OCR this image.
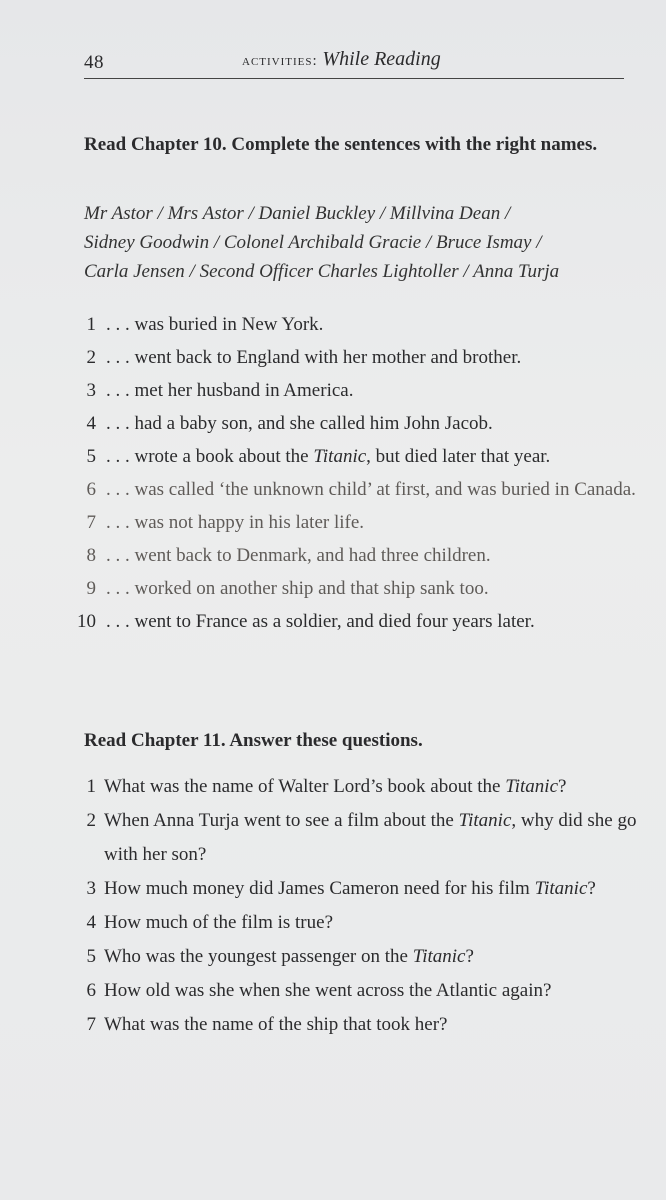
48	activities: While Reading
Read Chapter 10. Complete the sentences with the right names.
Mr Astor / Mrs Astor / Daniel Buckley / Millvina Dean /
Sidney Goodwin / Colonel Archibald Gracie / Bruce Ismay /
Carla Jensen / Second Officer Charles Lightoller / Anna Turja
1 . . . was buried in New York.
2 . . . went back to England with her mother and brother.
3 . . . met her husband in America.
4 . . . had a baby son, and she called him John Jacob.
5 . . . wrote a book about the Titanic, but died later that year.
6 . . . was called ‘the unknown child’ at first, and was buried in Canada.
7 . . . was not happy in his later life.
8 . . . went back to Denmark, and had three children.
9 . . . worked on another ship and that ship sank too.
10 . . . went to France as a soldier, and died four years later.
Read Chapter 11. Answer these questions.
1 What was the name of Walter Lord’s book about the Titanic?
2 When Anna Turja went to see a film about the Titanic, why did she go with her son?
3 How much money did James Cameron need for his film Titanic?
4 How much of the film is true?
5 Who was the youngest passenger on the Titanic?
6 How old was she when she went across the Atlantic again?
7 What was the name of the ship that took her?
